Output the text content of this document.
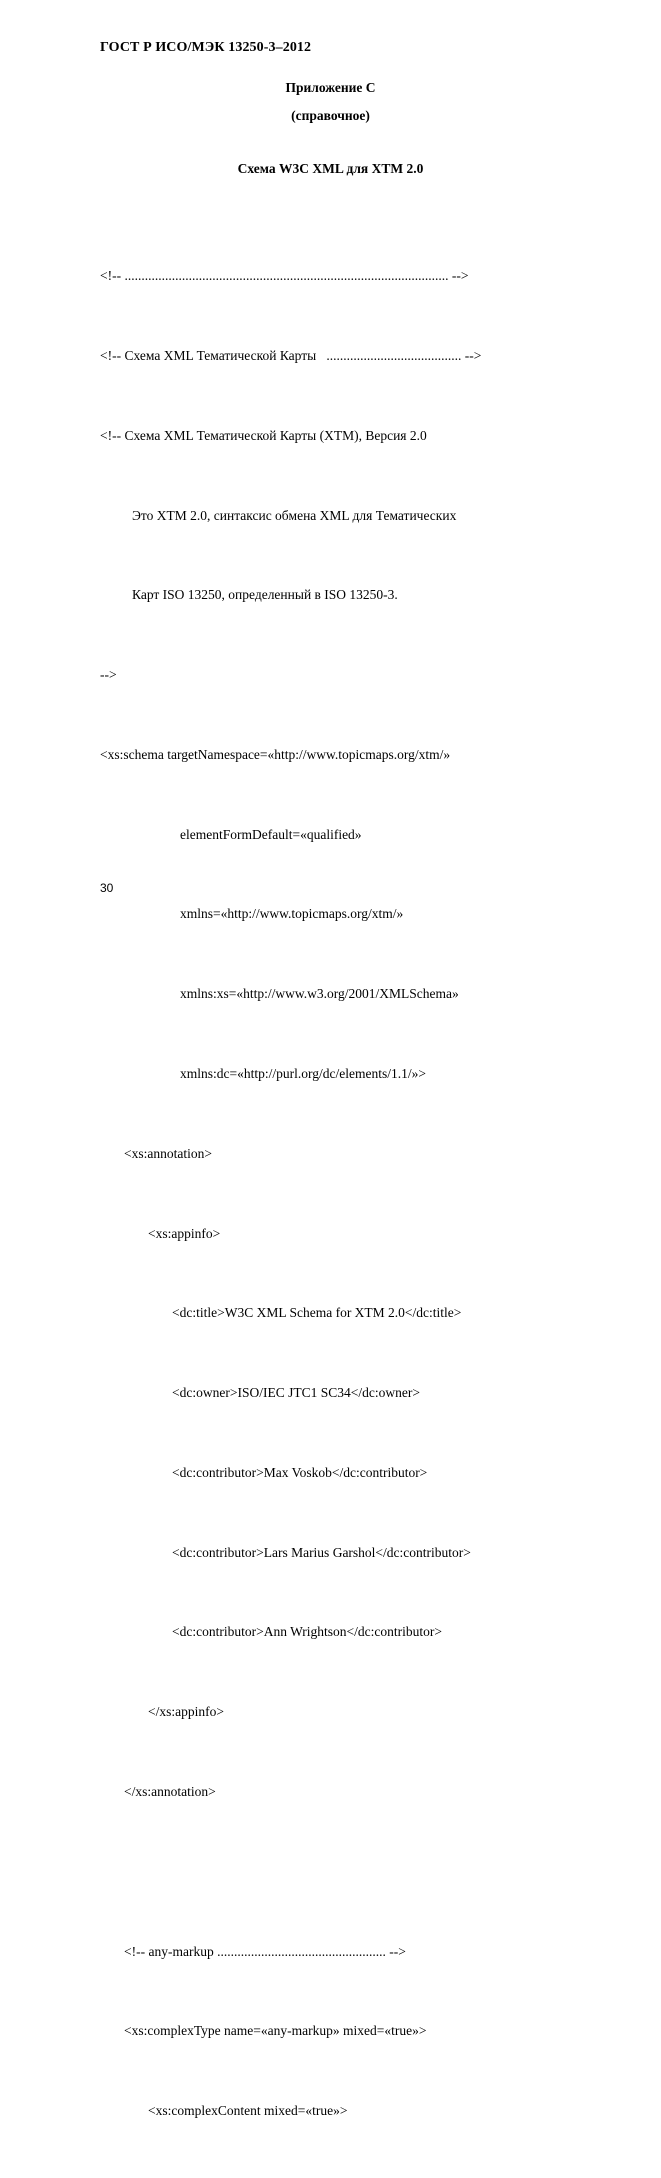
ГОСТ Р ИСО/МЭК 13250-3–2012
Приложение С
(справочное)
Схема W3C XML для XTM 2.0

<!-- ................................................................................................ -->

<!-- Схема XML Тематической Карты   ........................................ -->

<!-- Схема XML Тематической Карты (XTM), Версия 2.0

Это XTM 2.0, синтаксис обмена XML для Тематических

Карт ISO 13250, определенный в ISO 13250-3.

-->

<xs:schema targetNamespace=«http://www.topicmaps.org/xtm/»

elementFormDefault=«qualified»

xmlns=«http://www.topicmaps.org/xtm/»

xmlns:xs=«http://www.w3.org/2001/XMLSchema»

xmlns:dc=«http://purl.org/dc/elements/1.1/»>

<xs:annotation>

<xs:appinfo>

<dc:title>W3C XML Schema for XTM 2.0</dc:title>

<dc:owner>ISO/IEC JTC1 SC34</dc:owner>

<dc:contributor>Max Voskob</dc:contributor>

<dc:contributor>Lars Marius Garshol</dc:contributor>

<dc:contributor>Ann Wrightson</dc:contributor>

</xs:appinfo>

</xs:annotation>

<!-- any-markup .................................................. -->

<xs:complexType name=«any-markup» mixed=«true»>

<xs:complexContent mixed=«true»>

30
